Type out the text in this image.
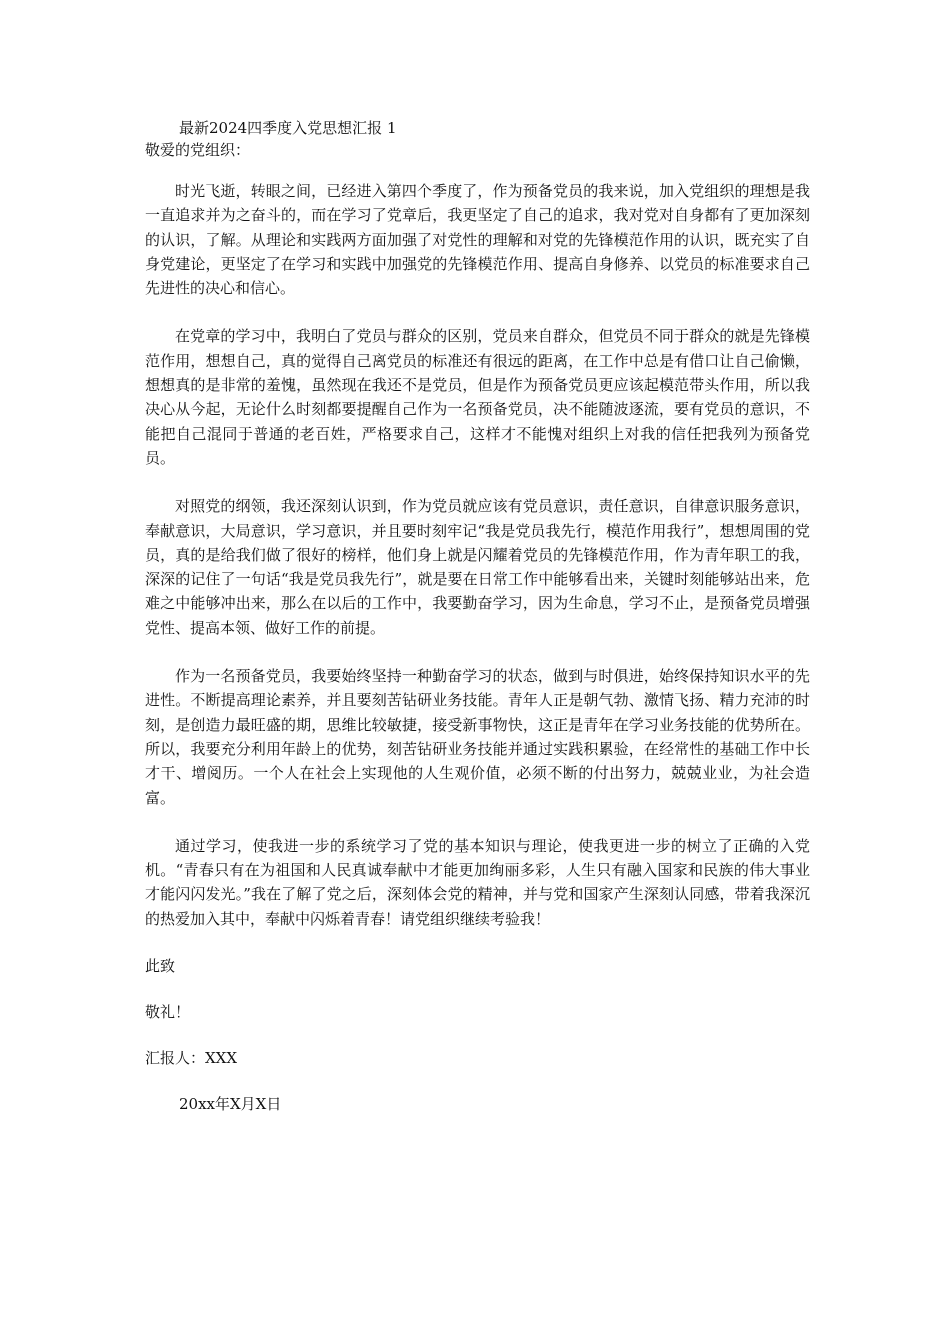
最新2024四季度入党思想汇报 1

敬爱的党组织：

时光飞逝，转眼之间，已经进入第四个季度了，作为预备党员的我来说，加入党组织的理想是我一直追求并为之奋斗的，而在学习了党章后，我更坚定了自己的追求，我对党对自身都有了更加深刻的认识，了解。从理论和实践两方面加强了对党性的理解和对党的先锋模范作用的认识，既充实了自身党建论，更坚定了在学习和实践中加强党的先锋模范作用、提高自身修养、以党员的标准要求自己先进性的决心和信心。

在党章的学习中，我明白了党员与群众的区别，党员来自群众，但党员不同于群众的就是先锋模范作用，想想自己，真的觉得自己离党员的标准还有很远的距离，在工作中总是有借口让自己偷懒，想想真的是非常的羞愧，虽然现在我还不是党员，但是作为预备党员更应该起模范带头作用，所以我决心从今起，无论什么时刻都要提醒自己作为一名预备党员，决不能随波逐流，要有党员的意识，不能把自己混同于普通的老百姓，严格要求自己，这样才不能愧对组织上对我的信任把我列为预备党员。

对照党的纲领，我还深刻认识到，作为党员就应该有党员意识，责任意识，自律意识服务意识，奉献意识，大局意识，学习意识，并且要时刻牢记“我是党员我先行，模范作用我行”，想想周围的党员，真的是给我们做了很好的榜样，他们身上就是闪耀着党员的先锋模范作用，作为青年职工的我，深深的记住了一句话“我是党员我先行”，就是要在日常工作中能够看出来，关键时刻能够站出来，危难之中能够冲出来，那么在以后的工作中，我要勤奋学习，因为生命息，学习不止，是预备党员增强党性、提高本领、做好工作的前提。

作为一名预备党员，我要始终坚持一种勤奋学习的状态，做到与时俱进，始终保持知识水平的先进性。不断提高理论素养，并且要刻苦钻研业务技能。青年人正是朝气勃、激情飞扬、精力充沛的时刻，是创造力最旺盛的期，思维比较敏捷，接受新事物快，这正是青年在学习业务技能的优势所在。所以，我要充分利用年龄上的优势，刻苦钻研业务技能并通过实践积累验，在经常性的基础工作中长才干、增阅历。一个人在社会上实现他的人生观价值，必须不断的付出努力，兢兢业业，为社会造富。

通过学习，使我进一步的系统学习了党的基本知识与理论，使我更进一步的树立了正确的入党机。“青春只有在为祖国和人民真诚奉献中才能更加绚丽多彩，人生只有融入国家和民族的伟大事业才能闪闪发光。”我在了解了党之后，深刻体会党的精神，并与党和国家产生深刻认同感，带着我深沉的热爱加入其中，奉献中闪烁着青春！请党组织继续考验我！

此致

敬礼！

汇报人：XXX

20xx年X月X日
